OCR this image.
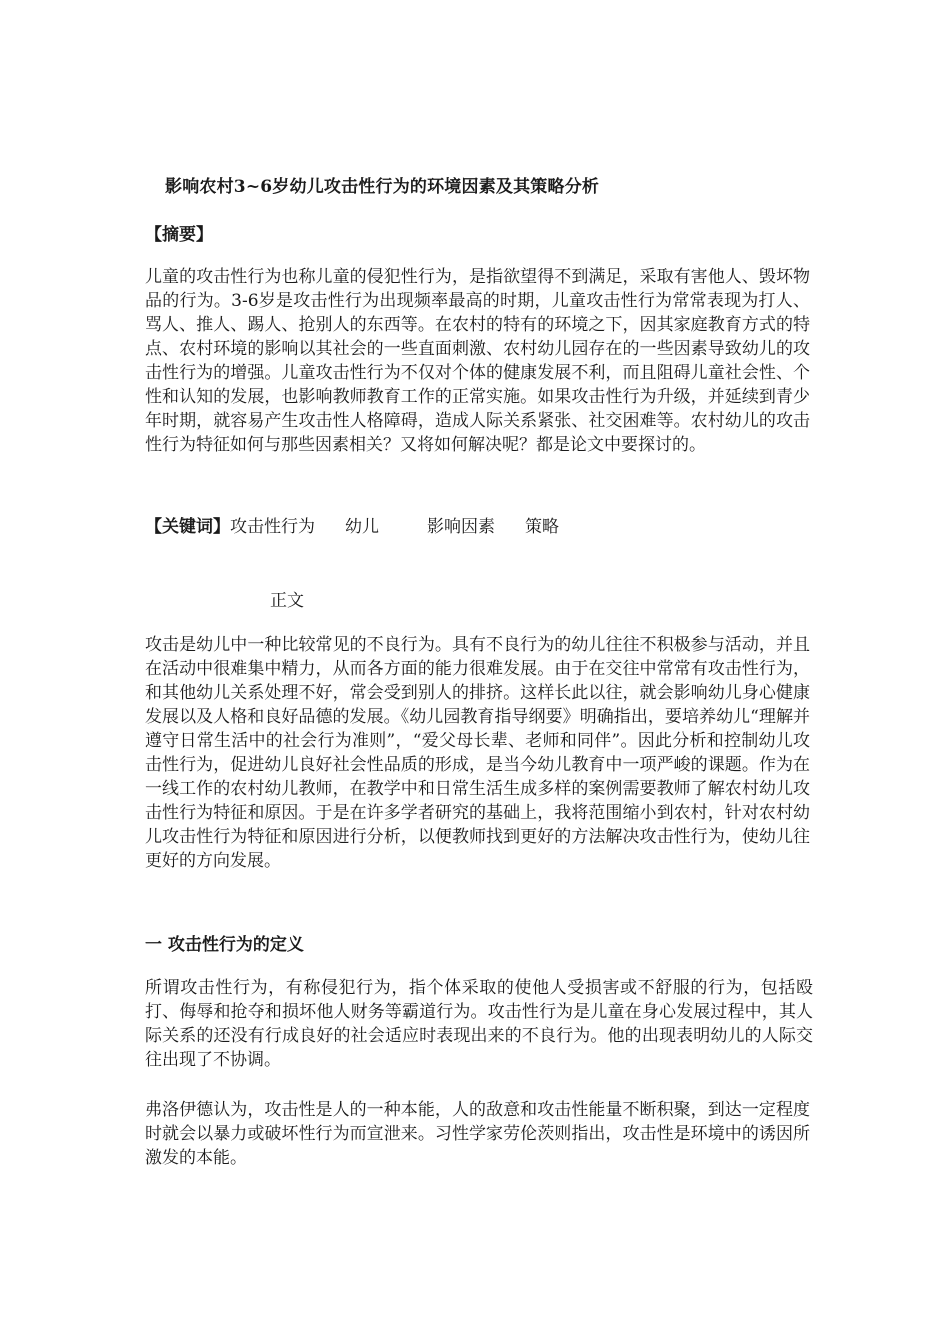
影响农村3~6岁幼儿攻击性行为的环境因素及其策略分析
【摘要】

儿童的攻击性行为也称儿童的侵犯性行为，是指欲望得不到满足，采取有害他人、毁坏物品的行为。3-6岁是攻击性行为出现频率最高的时期，儿童攻击性行为常常表现为打人、骂人、推人、踢人、抢别人的东西等。在农村的特有的环境之下，因其家庭教育方式的特点、农村环境的影响以其社会的一些直面刺激、农村幼儿园存在的一些因素导致幼儿的攻击性行为的增强。儿童攻击性行为不仅对个体的健康发展不利，而且阻碍儿童社会性、个性和认知的发展，也影响教师教育工作的正常实施。如果攻击性行为升级，并延续到青少年时期，就容易产生攻击性人格障碍，造成人际关系紧张、社交困难等。农村幼儿的攻击性行为特征如何与那些因素相关？又将如何解决呢？都是论文中要探讨的。

【关键词】攻击性行为 幼儿	影响因素 策略
正文

攻击是幼儿中一种比较常见的不良行为。具有不良行为的幼儿往往不积极参与活动，并且在活动中很难集中精力，从而各方面的能力很难发展。由于在交往中常常有攻击性行为，和其他幼儿关系处理不好，常会受到别人的排挤。这样长此以往，就会影响幼儿身心健康发展以及人格和良好品德的发展。《幼儿园教育指导纲要》明确指出，要培养幼儿“理解并遵守日常生活中的社会行为准则”，“爱父母长辈、老师和同伴”。因此分析和控制幼儿攻击性行为，促进幼儿良好社会性品质的形成，是当今幼儿教育中一项严峻的课题。作为在一线工作的农村幼儿教师，在教学中和日常生活生成多样的案例需要教师了解农村幼儿攻击性行为特征和原因。于是在许多学者研究的基础上，我将范围缩小到农村，针对农村幼儿攻击性行为特征和原因进行分析，以便教师找到更好的方法解决攻击性行为，使幼儿往更好的方向发展。

一 攻击性行为的定义

所谓攻击性行为，有称侵犯行为，指个体采取的使他人受损害或不舒服的行为，包括殴打、侮辱和抢夺和损坏他人财务等霸道行为。攻击性行为是儿童在身心发展过程中，其人际关系的还没有行成良好的社会适应时表现出来的不良行为。他的出现表明幼儿的人际交往出现了不协调。

弗洛伊德认为，攻击性是人的一种本能，人的敌意和攻击性能量不断积聚，到达一定程度时就会以暴力或破坏性行为而宣泄来。习性学家劳伦茨则指出，攻击性是环境中的诱因所激发的本能。
